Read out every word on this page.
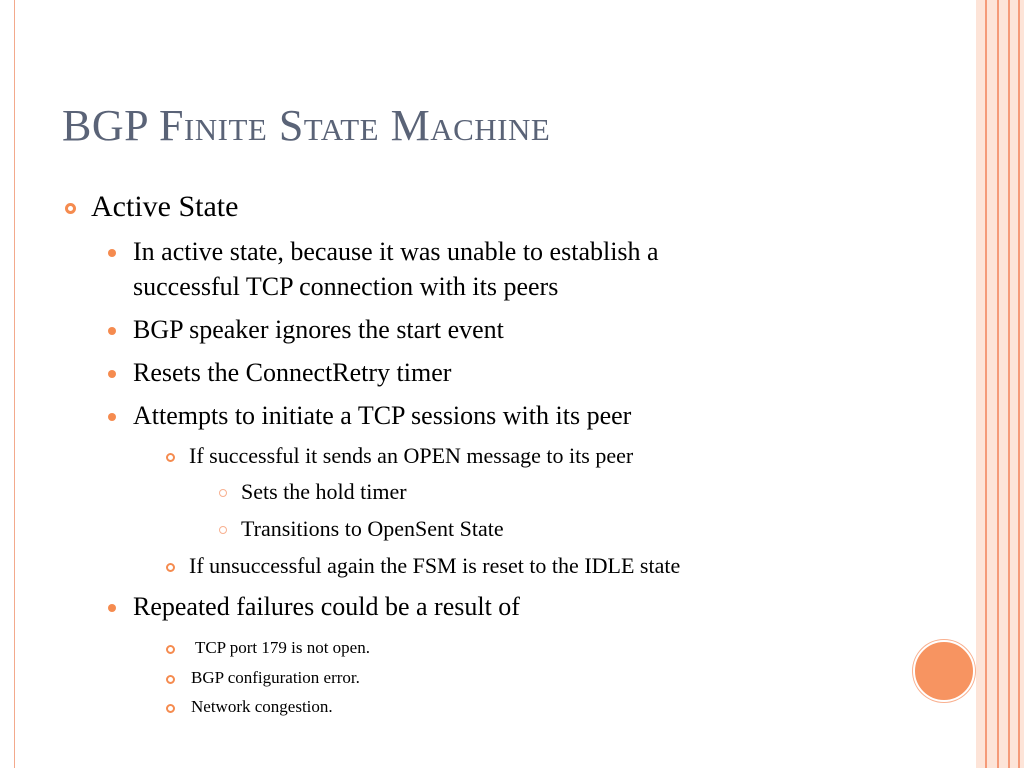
BGP Finite State Machine
Active State
In active state, because it was unable to establish a
successful TCP connection with its peers
BGP speaker ignores the start event
Resets the ConnectRetry timer
Attempts to initiate a TCP sessions with its peer
If successful it sends an OPEN message to its peer
Sets the hold timer
Transitions to OpenSent State
If unsuccessful again the FSM is reset to the IDLE state
Repeated failures could be a result of
TCP port 179 is not open.
BGP configuration error.
Network congestion.
